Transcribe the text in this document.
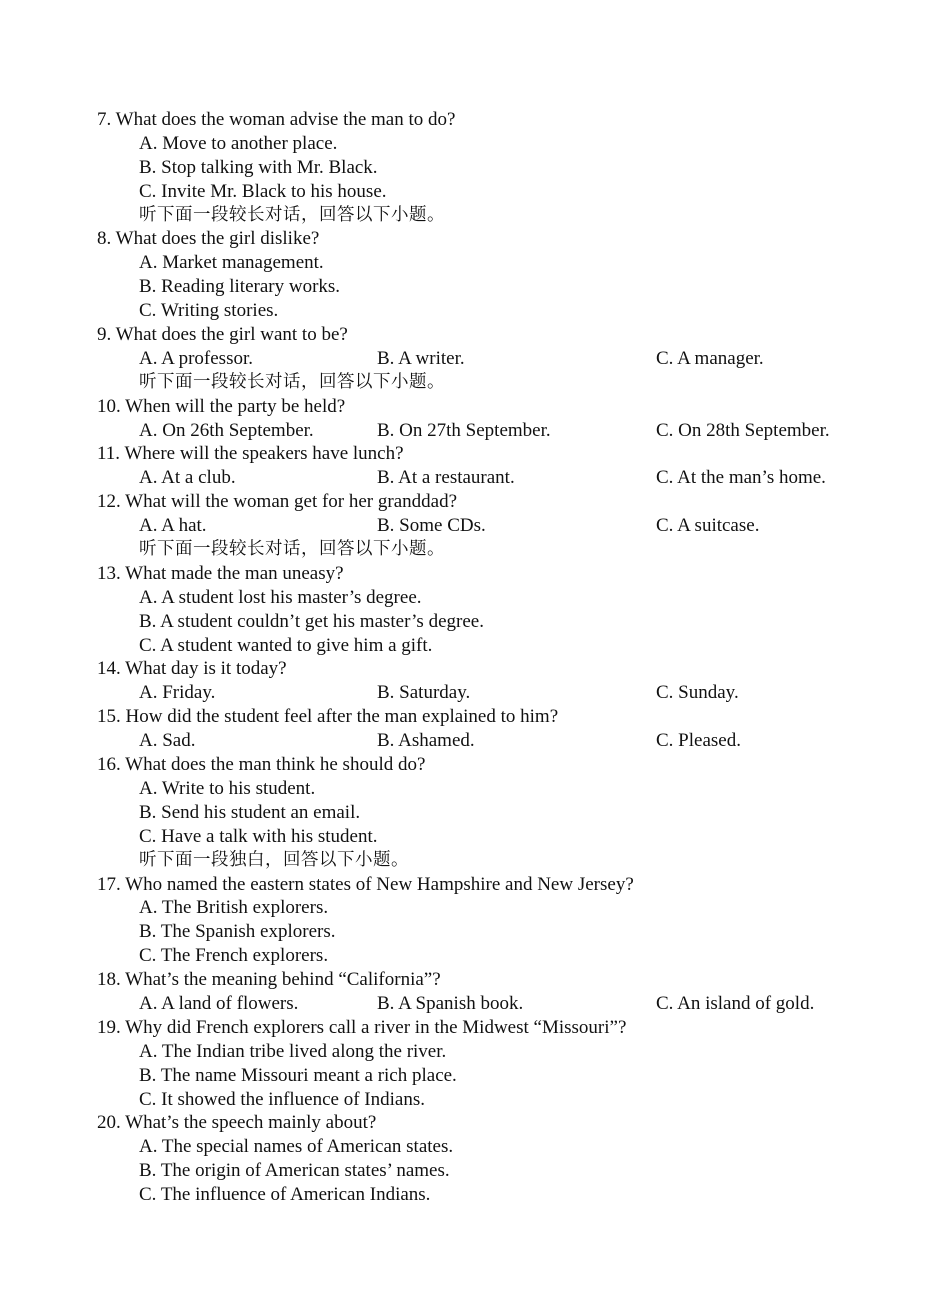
7. What does the woman advise the man to do?
A. Move to another place.
B. Stop talking with Mr. Black.
C. Invite Mr. Black to his house.
听下面一段较长对话，回答以下小题。
8. What does the girl dislike?
A. Market management.
B. Reading literary works.
C. Writing stories.
9. What does the girl want to be?
A. A professor.	B. A writer.	C. A manager.
听下面一段较长对话，回答以下小题。
10. When will the party be held?
A. On 26th September.	B. On 27th September.	C. On 28th September.
11. Where will the speakers have lunch?
A. At a club.	B. At a restaurant.	C. At the man’s home.
12. What will the woman get for her granddad?
A. A hat.	B. Some CDs.	C. A suitcase.
听下面一段较长对话，回答以下小题。
13. What made the man uneasy?
A. A student lost his master’s degree.
B. A student couldn’t get his master’s degree.
C. A student wanted to give him a gift.
14. What day is it today?
A. Friday.	B. Saturday.	C. Sunday.
15. How did the student feel after the man explained to him?
A. Sad.	B. Ashamed.	C. Pleased.
16. What does the man think he should do?
A. Write to his student.
B. Send his student an email.
C. Have a talk with his student.
听下面一段独白，回答以下小题。
17. Who named the eastern states of New Hampshire and New Jersey?
A. The British explorers.
B. The Spanish explorers.
C. The French explorers.
18. What’s the meaning behind “California”?
A. A land of flowers.	B. A Spanish book.	C. An island of gold.
19. Why did French explorers call a river in the Midwest “Missouri”?
A. The Indian tribe lived along the river.
B. The name Missouri meant a rich place.
C. It showed the influence of Indians.
20. What’s the speech mainly about?
A. The special names of American states.
B. The origin of American states’ names.
C. The influence of American Indians.
